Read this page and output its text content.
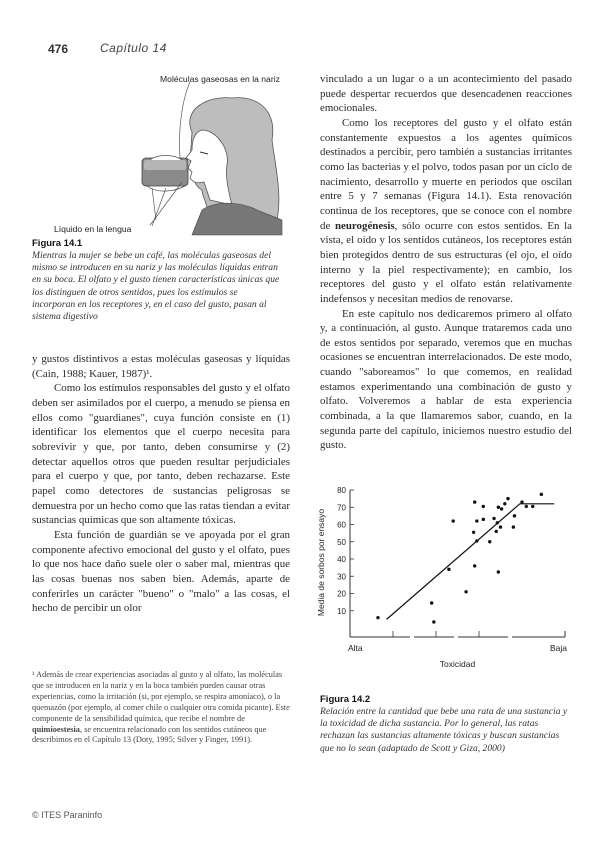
476	Capítulo 14
Moléculas gaseosas en la nariz
Líquido en la lengua
Figura 14.1
Mientras la mujer se bebe un café, las moléculas gaseosas del mismo se introducen en su nariz y las moléculas líquidas entran en su boca. El olfato y el gusto tienen características únicas que los distinguen de otros sentidos, pues los estímulos se incorporan en los receptores y, en el caso del gusto, pasan al sistema digestivo

y gustos distintivos a estas moléculas gaseosas y líquidas (Cain, 1988; Kauer, 1987)¹.

Como los estímulos responsables del gusto y el olfato deben ser asimilados por el cuerpo, a menudo se piensa en ellos como "guardianes", cuya función consiste en (1) identificar los elementos que el cuerpo necesita para sobrevivir y que, por tanto, deben consumirse y (2) detectar aquellos otros que pueden resultar perjudiciales para el cuerpo y que, por tanto, deben rechazarse. Este papel como detectores de sustancias peligrosas se demuestra por un hecho como que las ratas tiendan a evitar sustancias químicas que son altamente tóxicas.

Esta función de guardián se ve apoyada por el gran componente afectivo emocional del gusto y el olfato, pues lo que nos hace daño suele oler o saber mal, mientras que las cosas buenas nos saben bien. Además, aparte de conferirles un carácter "bueno" o "malo" a las cosas, el hecho de percibir un olor

¹ Además de crear experiencias asociadas al gusto y al olfato, las moléculas que se introducen en la nariz y en la boca también pueden causar otras experiencias, como la irritación (si, por ejemplo, se respira amoníaco), o la quemazón (por ejemplo, al comer chile o cualquier otra comida picante). Este componente de la sensibilidad química, que recibe el nombre de quimioestesia, se encuentra relacionado con los sentidos cutáneos que describimos en el Capítulo 13 (Doty, 1995; Silver y Finger, 1991).
© ITES Paraninfo

vinculado a un lugar o a un acontecimiento del pasado puede despertar recuerdos que desencadenen reacciones emocionales.

Como los receptores del gusto y el olfato están constantemente expuestos a los agentes químicos destinados a percibir, pero también a sustancias irritantes como las bacterias y el polvo, todos pasan por un ciclo de nacimiento, desarrollo y muerte en periodos que oscilan entre 5 y 7 semanas (Figura 14.1). Esta renovación continua de los receptores, que se conoce con el nombre de neurogénesis, sólo ocurre con estos sentidos. En la vista, el oído y los sentidos cutáneos, los receptores están bien protegidos dentro de sus estructuras (el ojo, el oído interno y la piel respectivamente); en cambio, los receptores del gusto y el olfato están relativamente indefensos y necesitan medios de renovarse.

En este capítulo nos dedicaremos primero al olfato y, a continuación, al gusto. Aunque trataremos cada uno de estos sentidos por separado, veremos que en muchas ocasiones se encuentran interrelacionados. De este modo, cuando "saboreamos" lo que comemos, en realidad estamos experimentando una combinación de gusto y olfato. Volveremos a hablar de esta experiencia combinada, a la que llamaremos sabor, cuando, en la segunda parte del capítulo, iniciemos nuestro estudio del gusto.

10
20
30
40
50
60
70
80
Media de sorbos por ensayo
Toxicidad
Alta	Baja
Figura 14.2
Relación entre la cantidad que bebe una rata de una sustancia y la toxicidad de dicha sustancia. Por lo general, las ratas rechazan las sustancias altamente tóxicas y buscan sustancias que no lo sean (adaptado de Scott y Giza, 2000)
